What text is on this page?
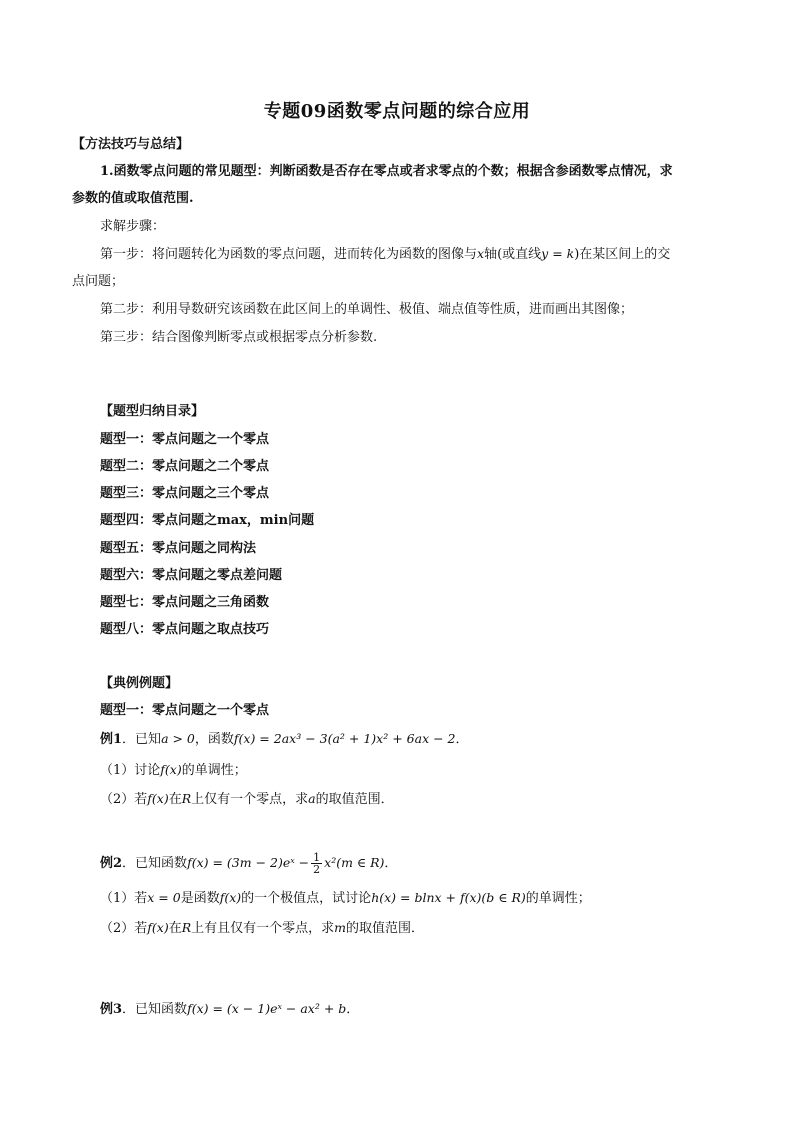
专题09函数零点问题的综合应用
【方法技巧与总结】
1.函数零点问题的常见题型：判断函数是否存在零点或者求零点的个数；根据含参函数零点情况，求
参数的值或取值范围.
求解步骤：
第一步：将问题转化为函数的零点问题，进而转化为函数的图像与x轴(或直线y = k)在某区间上的交
点问题；
第二步：利用导数研究该函数在此区间上的单调性、极值、端点值等性质，进而画出其图像；
第三步：结合图像判断零点或根据零点分析参数.
【题型归纳目录】
题型一：零点问题之一个零点
题型二：零点问题之二个零点
题型三：零点问题之三个零点
题型四：零点问题之max，min问题
题型五：零点问题之同构法
题型六：零点问题之零点差问题
题型七：零点问题之三角函数
题型八：零点问题之取点技巧
【典例例题】
题型一：零点问题之一个零点
例1．已知a > 0，函数f(x) = 2ax³ − 3(a² + 1)x² + 6ax − 2．
（1）讨论f(x)的单调性；
（2）若f(x)在R上仅有一个零点，求a的取值范围．
例2．已知函数f(x) = (3m − 2)eˣ − $\frac{1}{2} x^2(m$ ∈ R)．
（1）若x = 0是函数f(x)的一个极值点，试讨论h(x) = blnx + f(x)(b ∈ R)的单调性；
（2）若f(x)在R上有且仅有一个零点，求m的取值范围．
例3．已知函数f(x) = (x − 1)eˣ − ax² + b．
